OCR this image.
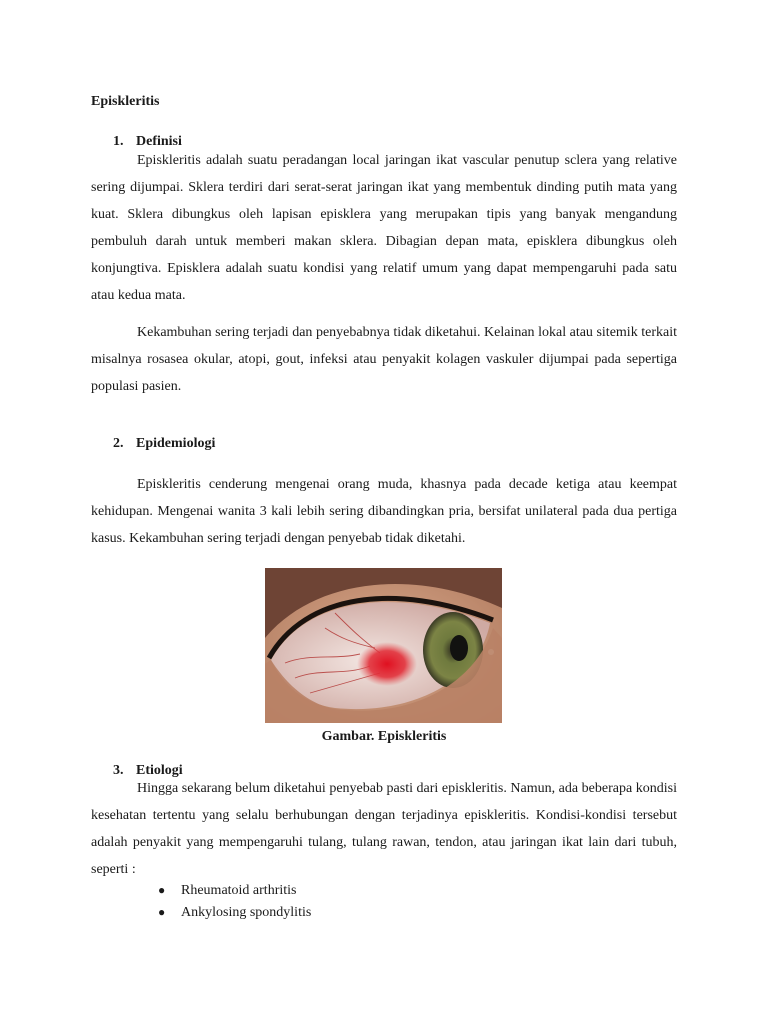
Episkleritis
1. Definisi

Episkleritis adalah suatu peradangan local jaringan ikat vascular penutup sclera yang relative sering dijumpai. Sklera terdiri dari serat-serat jaringan ikat yang membentuk dinding putih mata yang kuat. Sklera dibungkus oleh lapisan episklera yang merupakan tipis yang banyak mengandung pembuluh darah untuk memberi makan sklera. Dibagian depan mata, episklera dibungkus oleh konjungtiva. Episklera adalah suatu kondisi yang relatif umum yang dapat mempengaruhi pada satu atau kedua mata.

Kekambuhan sering terjadi dan penyebabnya tidak diketahui. Kelainan lokal atau sitemik terkait misalnya rosasea okular, atopi, gout, infeksi atau penyakit kolagen vaskuler dijumpai pada sepertiga populasi pasien.

2. Epidemiologi

Episkleritis cenderung mengenai orang muda, khasnya pada decade ketiga atau keempat kehidupan. Mengenai wanita 3 kali lebih sering dibandingkan pria, bersifat unilateral pada dua pertiga kasus. Kekambuhan sering terjadi dengan penyebab tidak diketahi.

Gambar. Episkleritis
3. Etiologi

Hingga sekarang belum diketahui penyebab pasti dari episkleritis. Namun, ada beberapa kondisi kesehatan tertentu yang selalu berhubungan dengan terjadinya episkleritis. Kondisi-kondisi tersebut adalah penyakit yang mempengaruhi tulang, tulang rawan, tendon, atau jaringan ikat lain dari tubuh, seperti :

● Rheumatoid arthritis
● Ankylosing spondylitis
